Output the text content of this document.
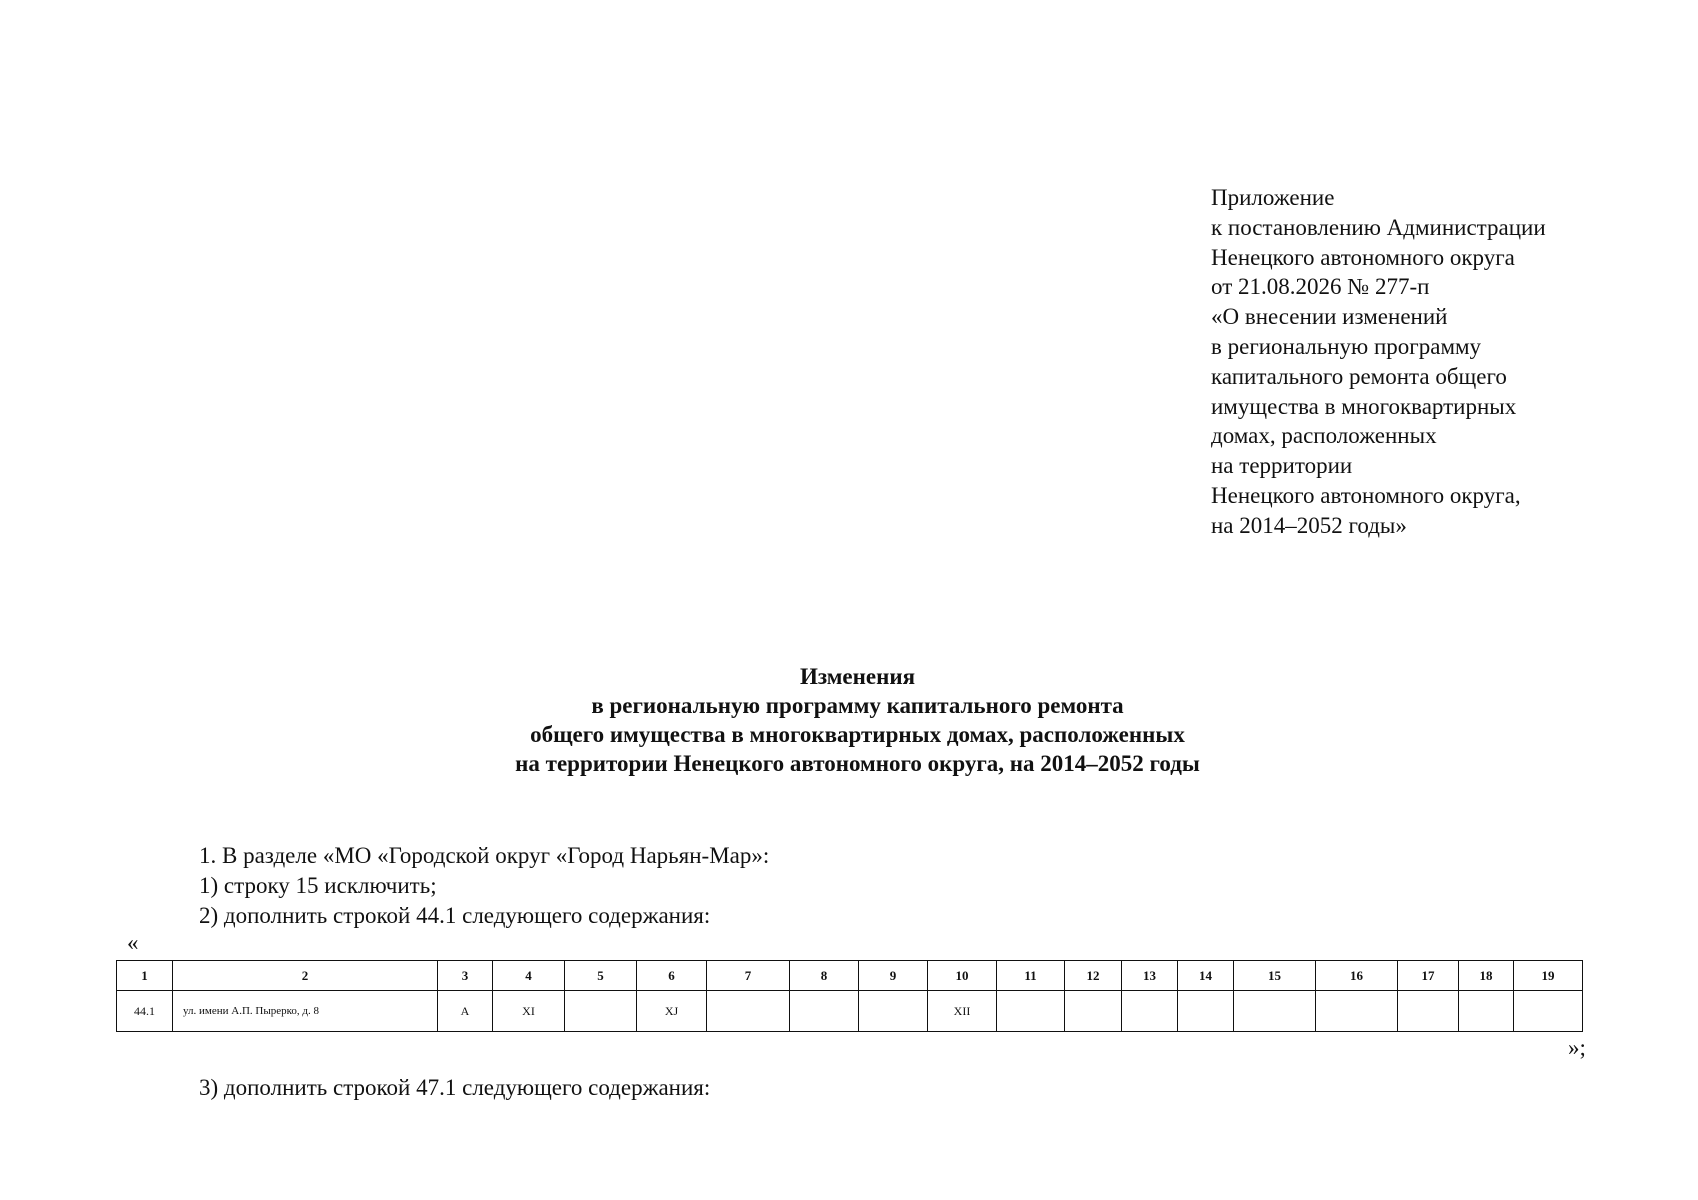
Приложение
к постановлению Администрации
Ненецкого автономного округа
от 21.08.2026 № 277-п
«О внесении изменений
в региональную программу
капитального ремонта общего
имущества в многоквартирных
домах, расположенных
на территории
Ненецкого автономного округа,
на 2014–2052 годы»
Изменения
в региональную программу капитального ремонта
общего имущества в многоквартирных домах, расположенных
на территории Ненецкого автономного округа, на 2014–2052 годы
1. В разделе «МО «Городской округ «Город Нарьян-Мар»:
1) строку 15 исключить;
2) дополнить строкой 44.1 следующего содержания:
«
1	2	3	4	5	6	7	8	9	10	11	12	13	14	15	16	17	18	19
44.1	ул. имени А.П. Пырерко, д. 8	А	XI		XJ				XII									
»;
3) дополнить строкой 47.1 следующего содержания:
